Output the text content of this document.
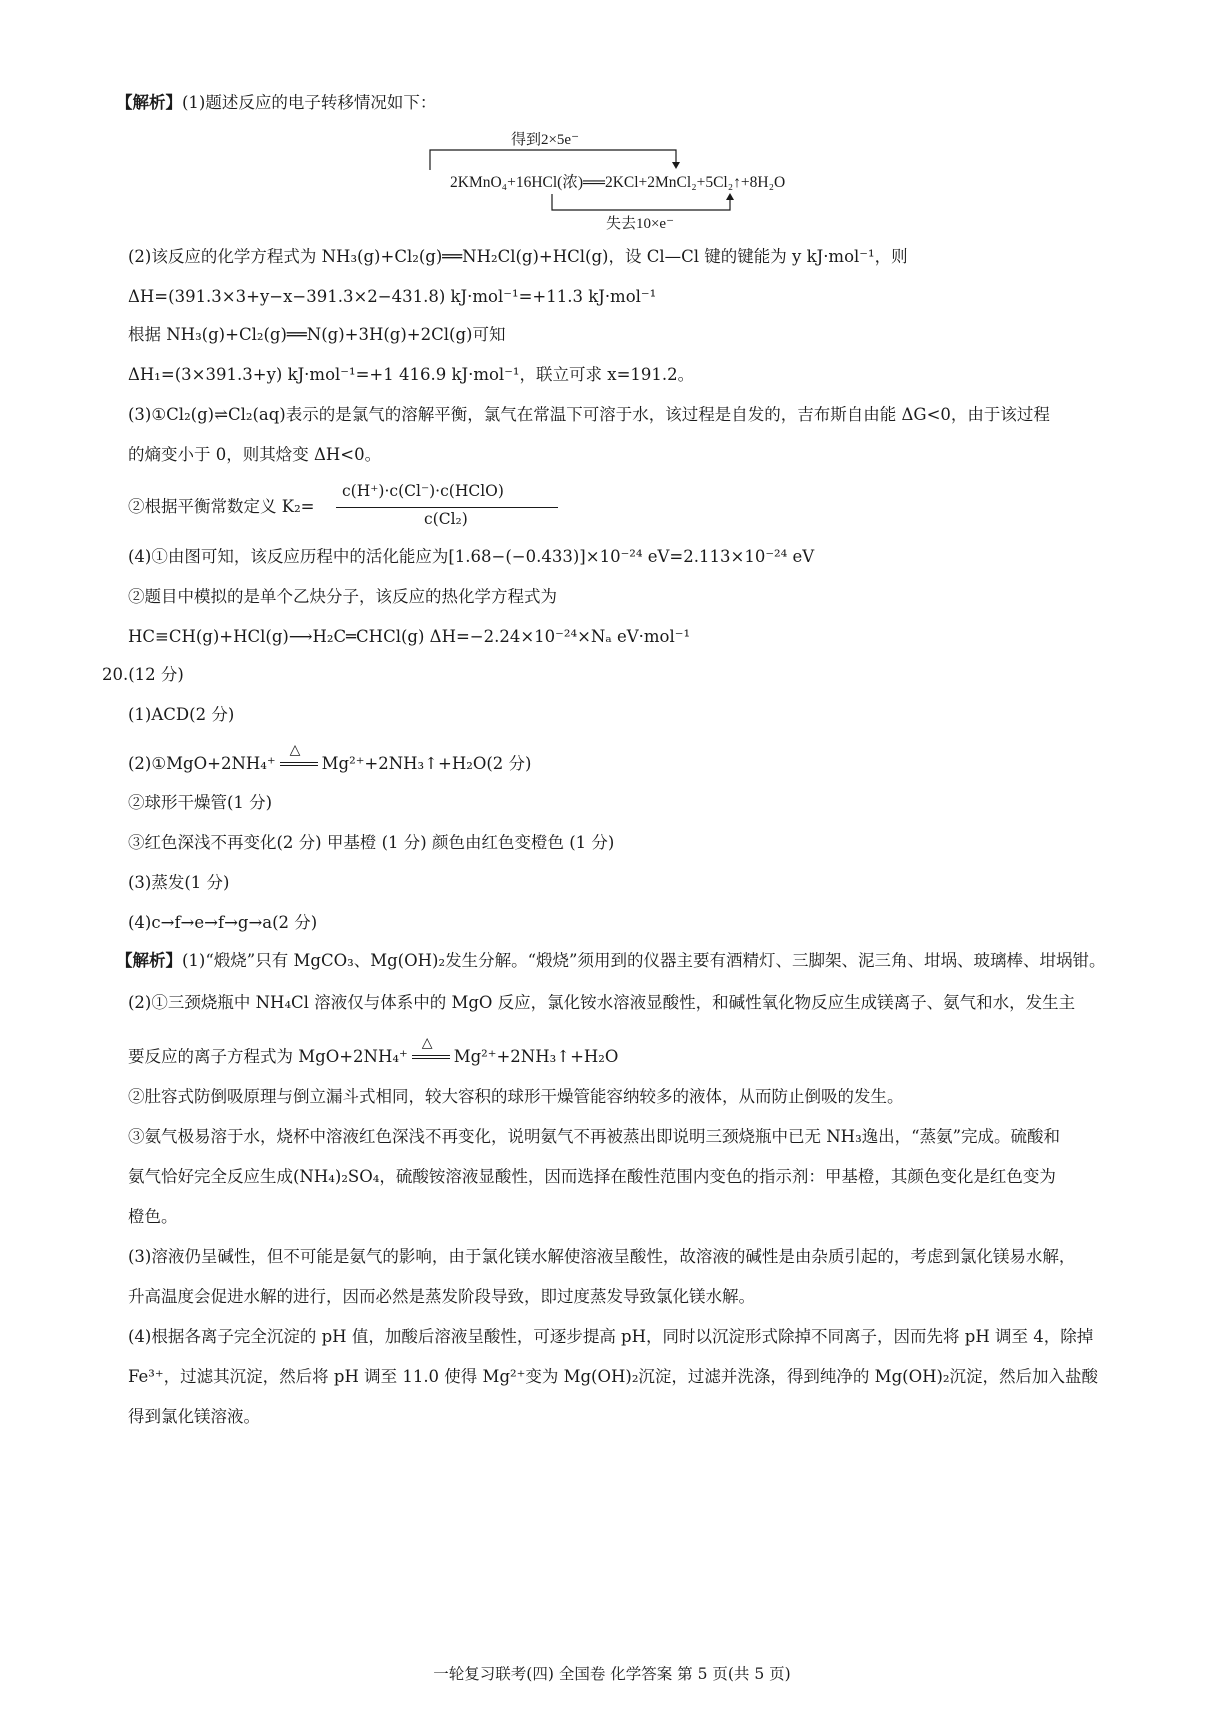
【解析】(1)题述反应的电子转移情况如下：
得到2×5e⁻
2KMnO₄+16HCl(浓)══2KCl+2MnCl₂+5Cl₂↑+8H₂O
失去10×e⁻
(2)该反应的化学方程式为 NH₃(g)+Cl₂(g)══NH₂Cl(g)+HCl(g)，设 Cl—Cl 键的键能为 y kJ·mol⁻¹，则
ΔH=(391.3×3+y−x−391.3×2−431.8) kJ·mol⁻¹=+11.3 kJ·mol⁻¹
根据 NH₃(g)+Cl₂(g)══N(g)+3H(g)+2Cl(g)可知
ΔH₁=(3×391.3+y) kJ·mol⁻¹=+1 416.9 kJ·mol⁻¹，联立可求 x=191.2。
(3)①Cl₂(g)⇌Cl₂(aq)表示的是氯气的溶解平衡，氯气在常温下可溶于水，该过程是自发的，吉布斯自由能 ΔG<0，由于该过程
的熵变小于 0，则其焓变 ΔH<0。
②根据平衡常数定义 K₂=
c(H⁺)·c(Cl⁻)·c(HClO)
c(Cl₂)
(4)①由图可知，该反应历程中的活化能应为[1.68−(−0.433)]×10⁻²⁴ eV=2.113×10⁻²⁴ eV
②题目中模拟的是单个乙炔分子，该反应的热化学方程式为
HC≡CH(g)+HCl(g)⟶H₂C═CHCl(g) ΔH=−2.24×10⁻²⁴×Nₐ eV·mol⁻¹
20.(12 分)
(1)ACD(2 分)
(2)①MgO+2NH₄⁺
△
Mg²⁺+2NH₃↑+H₂O(2 分)
②球形干燥管(1 分)
③红色深浅不再变化(2 分) 甲基橙 (1 分) 颜色由红色变橙色 (1 分)
(3)蒸发(1 分)
(4)c→f→e→f→g→a(2 分)
【解析】(1)“煅烧”只有 MgCO₃、Mg(OH)₂发生分解。“煅烧”须用到的仪器主要有酒精灯、三脚架、泥三角、坩埚、玻璃棒、坩埚钳。
(2)①三颈烧瓶中 NH₄Cl 溶液仅与体系中的 MgO 反应，氯化铵水溶液显酸性，和碱性氧化物反应生成镁离子、氨气和水，发生主
要反应的离子方程式为 MgO+2NH₄⁺
△
Mg²⁺+2NH₃↑+H₂O
②肚容式防倒吸原理与倒立漏斗式相同，较大容积的球形干燥管能容纳较多的液体，从而防止倒吸的发生。
③氨气极易溶于水，烧杯中溶液红色深浅不再变化，说明氨气不再被蒸出即说明三颈烧瓶中已无 NH₃逸出，“蒸氨”完成。硫酸和
氨气恰好完全反应生成(NH₄)₂SO₄，硫酸铵溶液显酸性，因而选择在酸性范围内变色的指示剂：甲基橙，其颜色变化是红色变为
橙色。
(3)溶液仍呈碱性，但不可能是氨气的影响，由于氯化镁水解使溶液呈酸性，故溶液的碱性是由杂质引起的，考虑到氯化镁易水解，
升高温度会促进水解的进行，因而必然是蒸发阶段导致，即过度蒸发导致氯化镁水解。
(4)根据各离子完全沉淀的 pH 值，加酸后溶液呈酸性，可逐步提高 pH，同时以沉淀形式除掉不同离子，因而先将 pH 调至 4，除掉
Fe³⁺，过滤其沉淀，然后将 pH 调至 11.0 使得 Mg²⁺变为 Mg(OH)₂沉淀，过滤并洗涤，得到纯净的 Mg(OH)₂沉淀，然后加入盐酸
得到氯化镁溶液。
一轮复习联考(四) 全国卷 化学答案 第 5 页(共 5 页)
